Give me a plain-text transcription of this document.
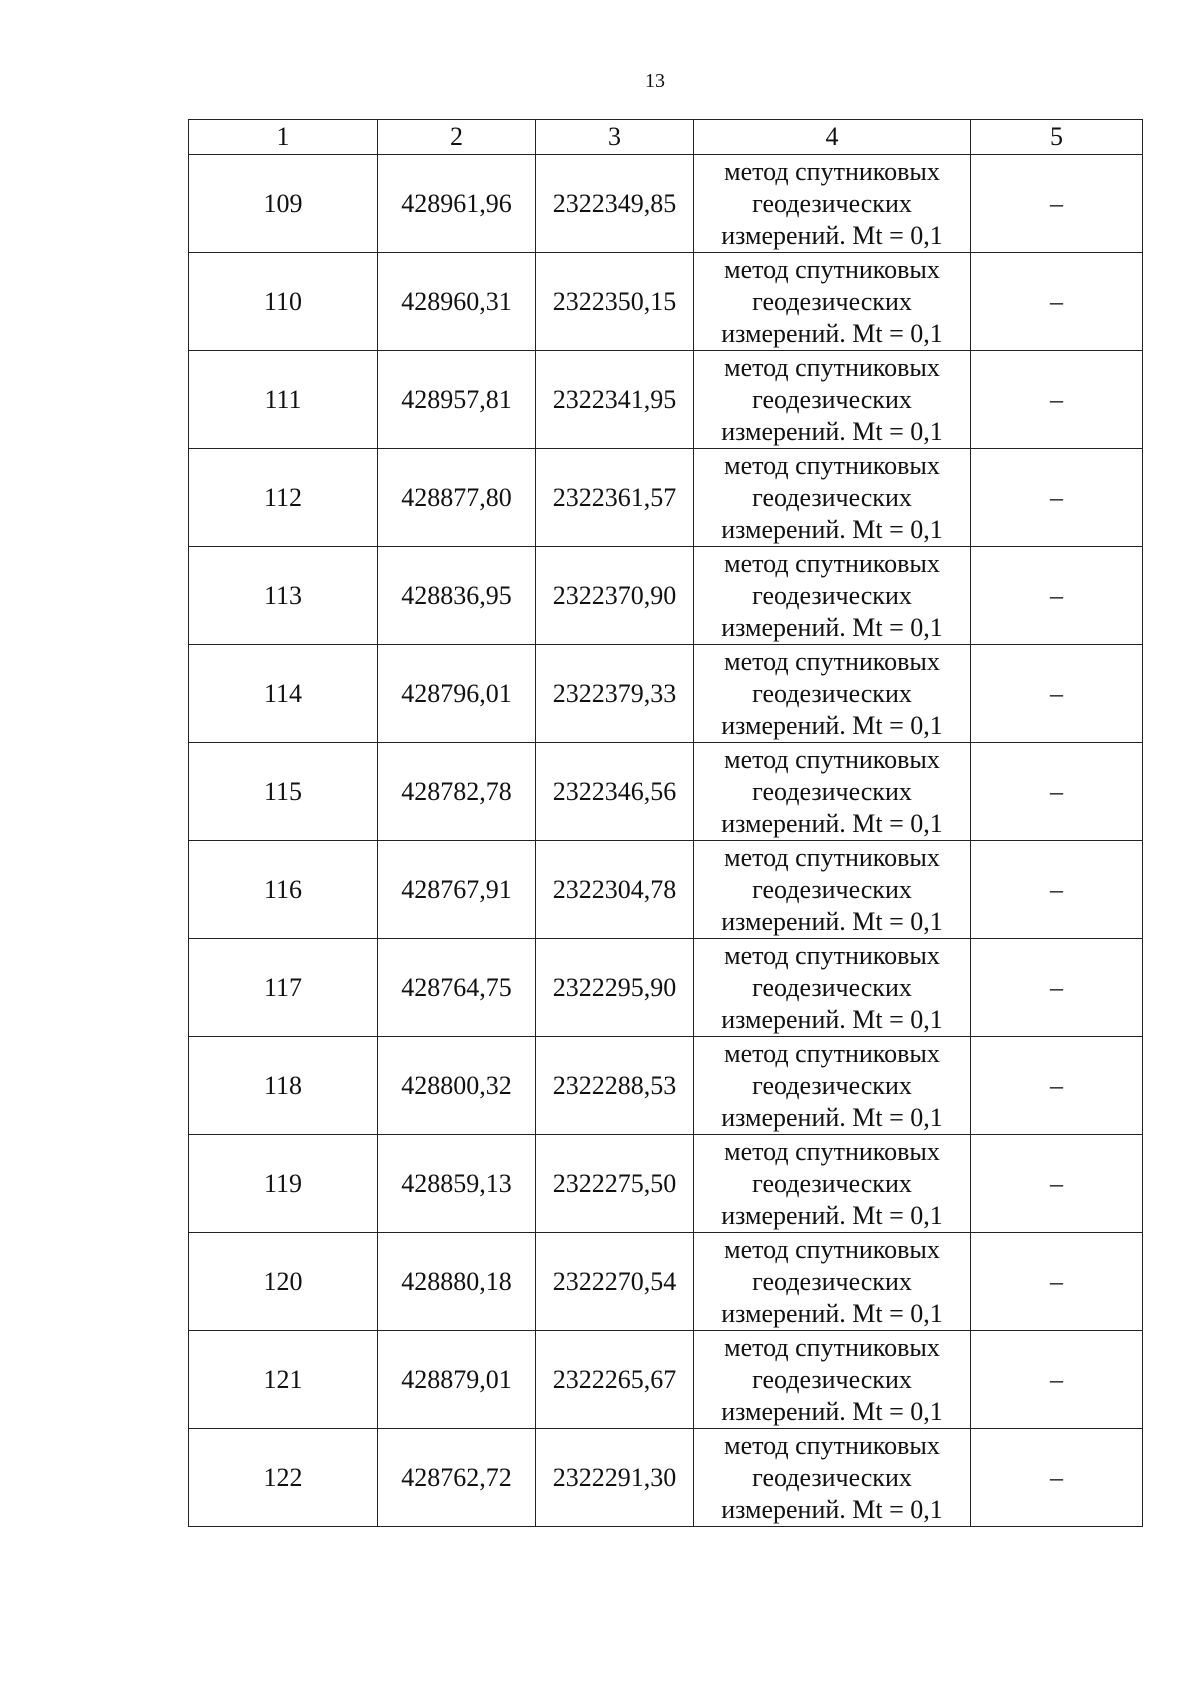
13
1	2	3	4	5
109	428961,96	2322349,85	метод спутниковых геодезических измерений. Mt = 0,1	–
110	428960,31	2322350,15	метод спутниковых геодезических измерений. Mt = 0,1	–
111	428957,81	2322341,95	метод спутниковых геодезических измерений. Mt = 0,1	–
112	428877,80	2322361,57	метод спутниковых геодезических измерений. Mt = 0,1	–
113	428836,95	2322370,90	метод спутниковых геодезических измерений. Mt = 0,1	–
114	428796,01	2322379,33	метод спутниковых геодезических измерений. Mt = 0,1	–
115	428782,78	2322346,56	метод спутниковых геодезических измерений. Mt = 0,1	–
116	428767,91	2322304,78	метод спутниковых геодезических измерений. Mt = 0,1	–
117	428764,75	2322295,90	метод спутниковых геодезических измерений. Mt = 0,1	–
118	428800,32	2322288,53	метод спутниковых геодезических измерений. Mt = 0,1	–
119	428859,13	2322275,50	метод спутниковых геодезических измерений. Mt = 0,1	–
120	428880,18	2322270,54	метод спутниковых геодезических измерений. Mt = 0,1	–
121	428879,01	2322265,67	метод спутниковых геодезических измерений. Mt = 0,1	–
122	428762,72	2322291,30	метод спутниковых геодезических измерений. Mt = 0,1	–
